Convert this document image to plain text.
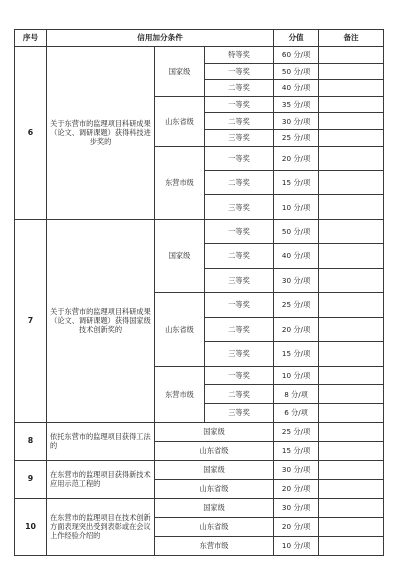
序号	信用加分条件			分值	备注
6	关于东营市的监理项目科研成果（论文、调研课题）获得科技进步奖的	国家级	特等奖	60 分/项	
			一等奖	50 分/项	
			二等奖	40 分/项	
		山东省级	一等奖	35 分/项	
			二等奖	30 分/项	
			三等奖	25 分/项	
		东营市级	一等奖	20 分/项	
			二等奖	15 分/项	
			三等奖	10 分/项	
7	关于东营市的监理项目科研成果（论文、调研课题）获得国家级技术创新奖的	国家级	一等奖	50 分/项	
			二等奖	40 分/项	
			三等奖	30 分/项	
		山东省级	一等奖	25 分/项	
			二等奖	20 分/项	
			三等奖	15 分/项	
		东营市级	一等奖	10 分/项	
			二等奖	8 分/项	
			三等奖	6 分/项	
8	依托东营市的监理项目获得工法的	国家级		25 分/项	
		山东省级		15 分/项	
9	在东营市的监理项目获得新技术应用示范工程的	国家级		30 分/项	
		山东省级		20 分/项	
10	在东营市的监理项目在技术创新方面表现突出受到表彰或在会议上作经验介绍的	国家级		30 分/项	
		山东省级		20 分/项	
		东营市级		10 分/项	
